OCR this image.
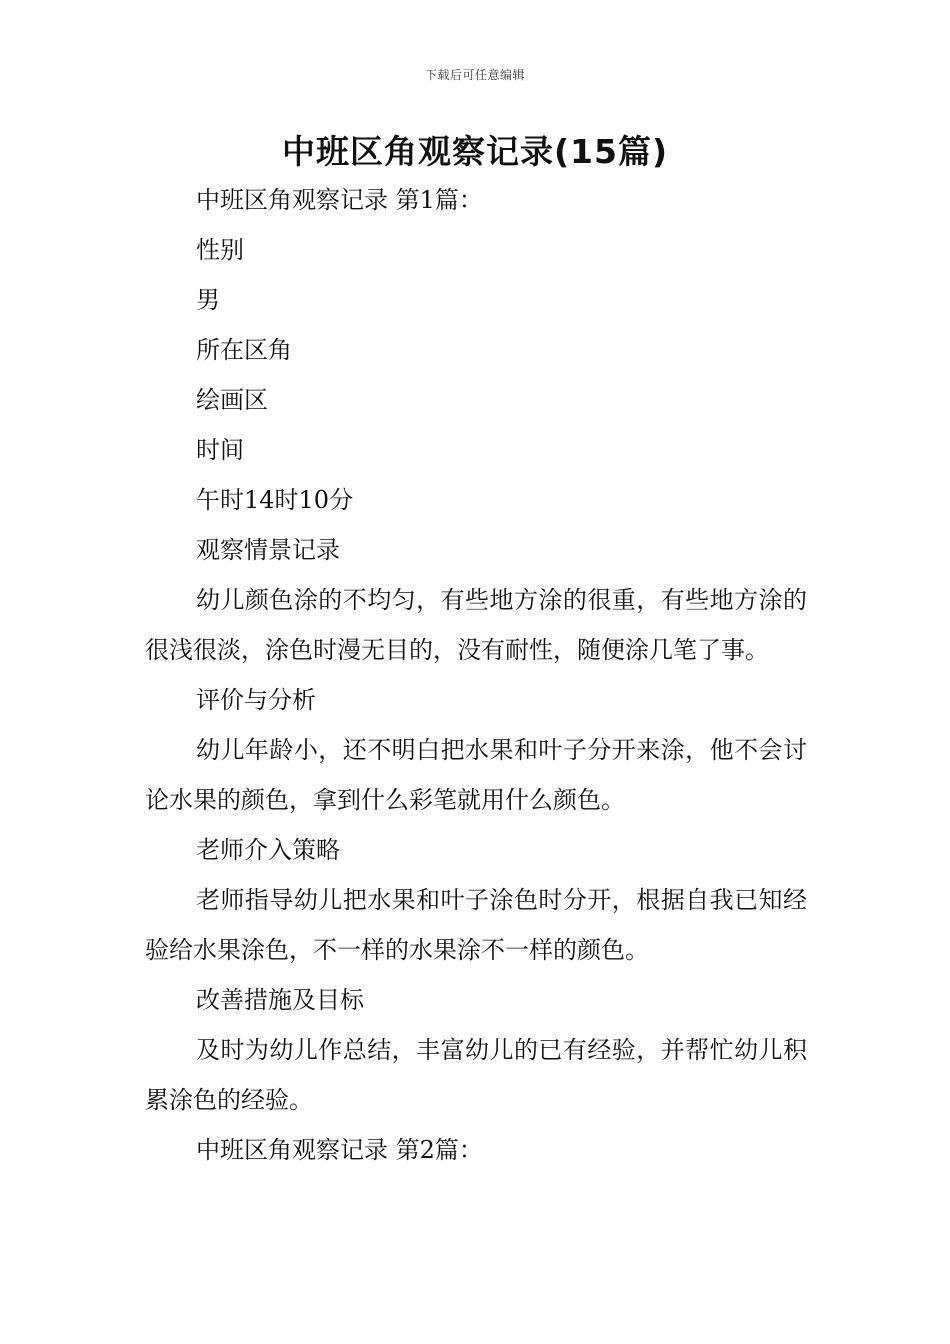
下载后可任意编辑
中班区角观察记录(15篇)

中班区角观察记录 第1篇：

性别

男

所在区角

绘画区

时间

午时14时10分

观察情景记录

幼儿颜色涂的不均匀，有些地方涂的很重，有些地方涂的很浅很淡，涂色时漫无目的，没有耐性，随便涂几笔了事。

评价与分析

幼儿年龄小，还不明白把水果和叶子分开来涂，他不会讨论水果的颜色，拿到什么彩笔就用什么颜色。

老师介入策略

老师指导幼儿把水果和叶子涂色时分开，根据自我已知经验给水果涂色，不一样的水果涂不一样的颜色。

改善措施及目标

及时为幼儿作总结，丰富幼儿的已有经验，并帮忙幼儿积累涂色的经验。

中班区角观察记录 第2篇：
